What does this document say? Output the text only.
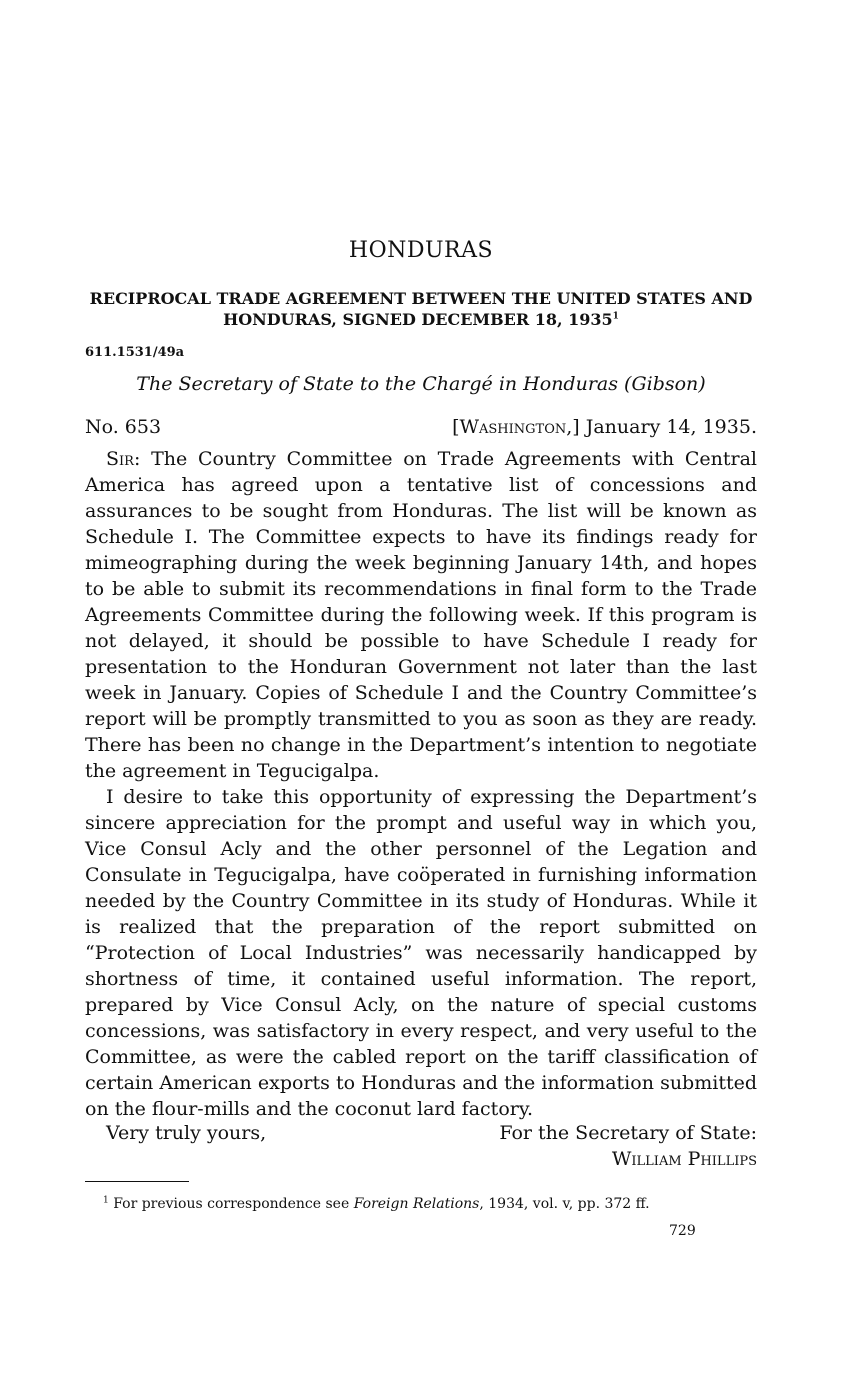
HONDURAS
RECIPROCAL TRADE AGREEMENT BETWEEN THE UNITED STATES AND HONDURAS, SIGNED DECEMBER 18, 1935$^1$
611.1531/49a
The Secretary of State to the Chargé in Honduras (Gibson)
No. 653	[Washington,] January 14, 1935.

Sir: The Country Committee on Trade Agreements with Central America has agreed upon a tentative list of concessions and assurances to be sought from Honduras. The list will be known as Schedule I. The Committee expects to have its findings ready for mimeographing during the week beginning January 14th, and hopes to be able to submit its recommendations in final form to the Trade Agreements Committee during the following week. If this program is not delayed, it should be possible to have Schedule I ready for presentation to the Honduran Government not later than the last week in January. Copies of Schedule I and the Country Committee’s report will be promptly transmitted to you as soon as they are ready. There has been no change in the Department’s intention to negotiate the agreement in Tegucigalpa.

I desire to take this opportunity of expressing the Department’s sincere appreciation for the prompt and useful way in which you, Vice Consul Acly and the other personnel of the Legation and Consulate in Tegucigalpa, have coöperated in furnishing information needed by the Country Committee in its study of Honduras. While it is realized that the preparation of the report submitted on “Protection of Local Industries” was necessarily handicapped by shortness of time, it contained useful information. The report, prepared by Vice Consul Acly, on the nature of special customs concessions, was satisfactory in every respect, and very useful to the Committee, as were the cabled report on the tariff classification of certain American exports to Honduras and the information submitted on the flour-mills and the coconut lard factory.

Very truly yours,	For the Secretary of State:
William Phillips
$^1$ For previous correspondence see Foreign Relations, 1934, vol. v, pp. 372 ff.
729
